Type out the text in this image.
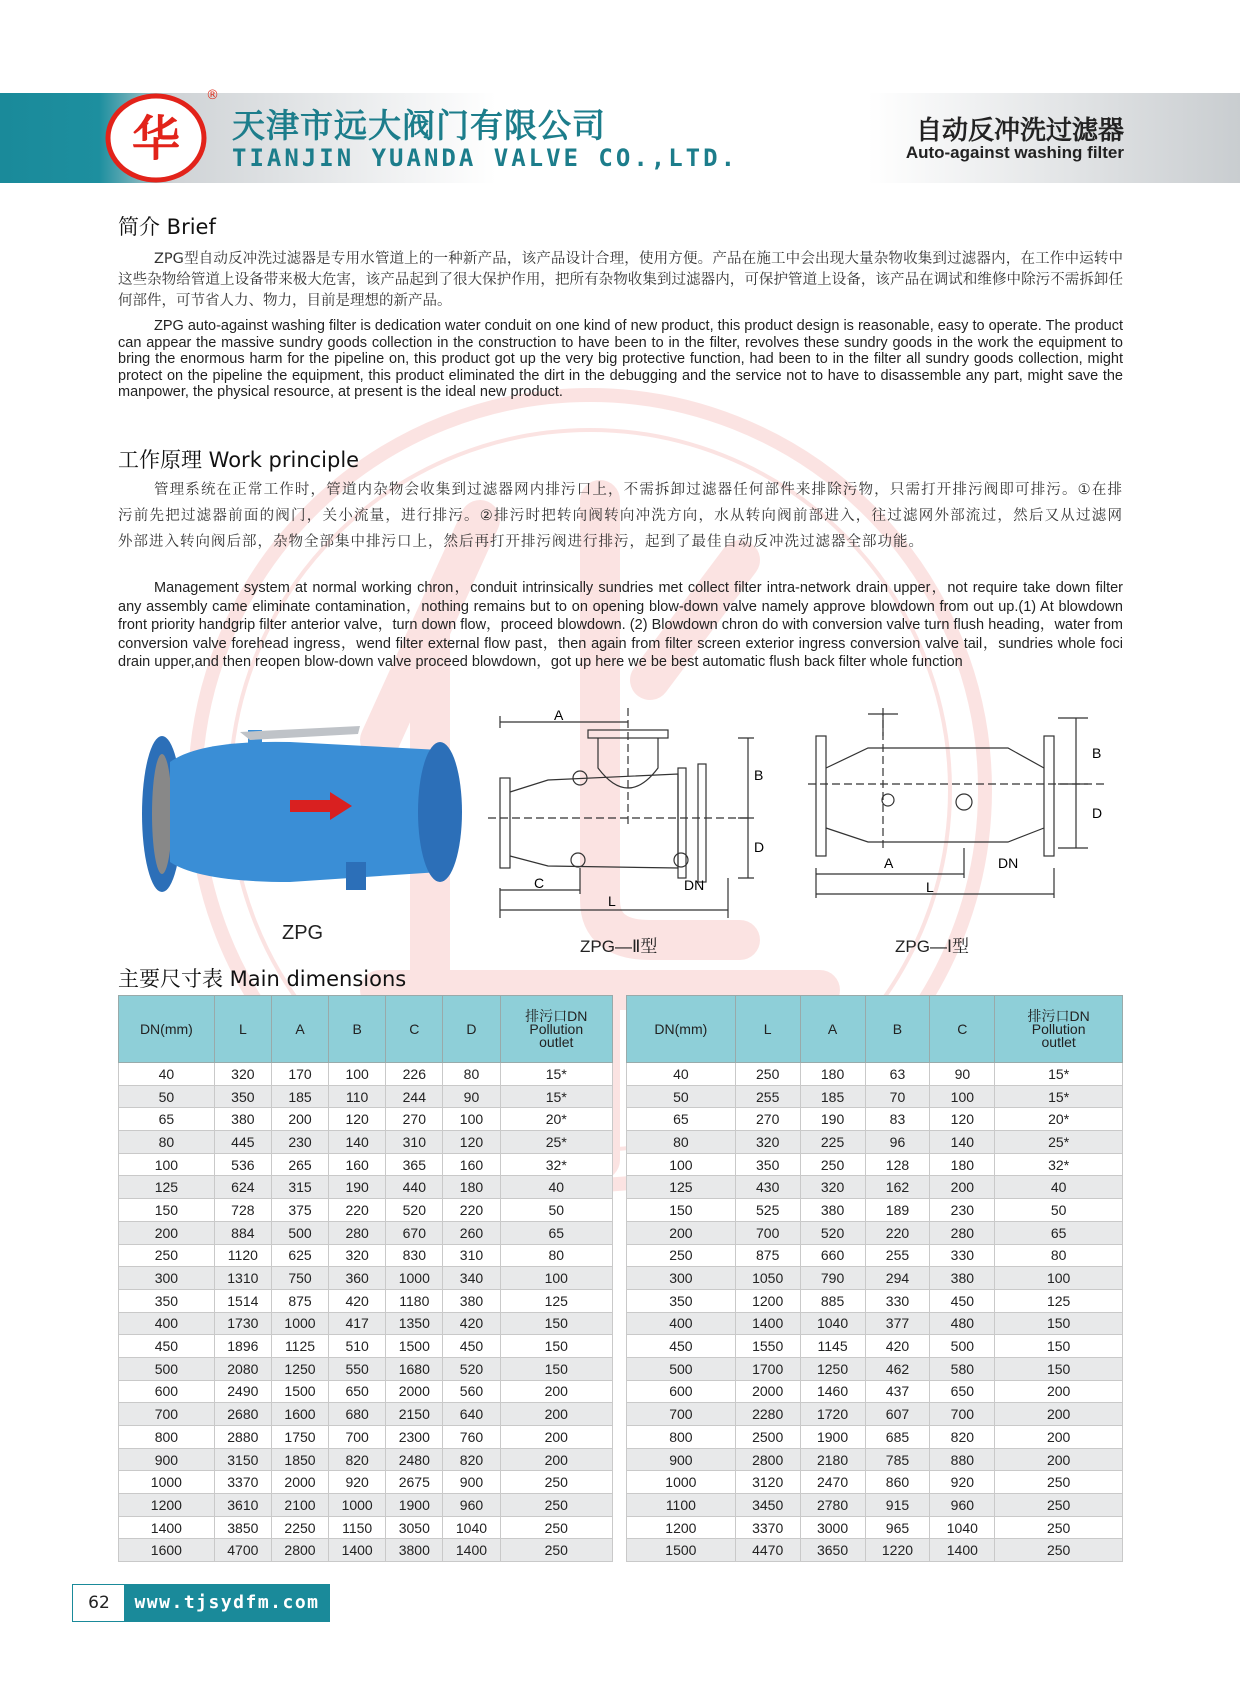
华
®
天津市远大阀门有限公司
TIANJIN YUANDA VALVE CO.,LTD.
自动反冲洗过滤器
Auto-against washing filter
简介 Brief
ZPG型自动反冲洗过滤器是专用水管道上的一种新产品，该产品设计合理，使用方便。产品在施工中会出现大量杂物收集到过滤器内，在工作中运转中这些杂物给管道上设备带来极大危害，该产品起到了很大保护作用，把所有杂物收集到过滤器内，可保护管道上设备，该产品在调试和维修中除污不需拆卸任何部件，可节省人力、物力，目前是理想的新产品。
ZPG auto-against washing filter is dedication water conduit on one kind of new product, this product design is reasonable, easy to operate. The product can appear the massive sundry goods collection in the construction to have been to in the filter, revolves these sundry goods in the work the equipment to bring the enormous harm for the pipeline on, this product got up the very big protective function, had been to in the filter all sundry goods collection, might protect on the pipeline the equipment, this product eliminated the dirt in the debugging and the service not to have to disassemble any part, might save the manpower, the physical resource, at present is the ideal new product.
工作原理 Work principle
管理系统在正常工作时，管道内杂物会收集到过滤器网内排污口上，不需拆卸过滤器任何部件来排除污物，只需打开排污阀即可排污。①在排污前先把过滤器前面的阀门，关小流量，进行排污。②排污时把转向阀转向冲洗方向，水从转向阀前部进入，往过滤网外部流过，然后又从过滤网外部进入转向阀后部，杂物全部集中排污口上，然后再打开排污阀进行排污，起到了最佳自动反冲洗过滤器全部功能。
Management system at normal working chron，conduit intrinsically sundries met collect filter intra-network drain upper，not require take down filter any assembly came eliminate contamination，nothing remains but to on opening blow-down valve namely approve blowdown from out up.(1) At blowdown front priority handgrip filter anterior valve，turn down flow，proceed blowdown. (2) Blowdown chron do with conversion valve turn flush heading，water from conversion valve forehead ingress，wend filter external flow past，then again from filter screen exterior ingress conversion valve tail，sundries whole foci drain upper,and then reopen blow-down valve proceed blowdown，got up here we be best automatic flush back filter whole function
ZPG
A
C
L
DN
B
D
ZPG—Ⅱ型
A
L
DN
B
D
ZPG—Ⅰ型
主要尺寸表 Main dimensions
DN(mm)	L	A	B	C	D	排污口DN
Pollution
outlet

40	320	170	100	226	80	15*
50	350	185	110	244	90	15*
65	380	200	120	270	100	20*
80	445	230	140	310	120	25*
100	536	265	160	365	160	32*
125	624	315	190	440	180	40
150	728	375	220	520	220	50
200	884	500	280	670	260	65
250	1120	625	320	830	310	80
300	1310	750	360	1000	340	100
350	1514	875	420	1180	380	125
400	1730	1000	417	1350	420	150
450	1896	1125	510	1500	450	150
500	2080	1250	550	1680	520	150
600	2490	1500	650	2000	560	200
700	2680	1600	680	2150	640	200
800	2880	1750	700	2300	760	200
900	3150	1850	820	2480	820	200
1000	3370	2000	920	2675	900	250
1200	3610	2100	1000	1900	960	250
1400	3850	2250	1150	3050	1040	250
1600	4700	2800	1400	3800	1400	250
DN(mm)	L	A	B	C	排污口DN
Pollution
outlet

40	250	180	63	90	15*
50	255	185	70	100	15*
65	270	190	83	120	20*
80	320	225	96	140	25*
100	350	250	128	180	32*
125	430	320	162	200	40
150	525	380	189	230	50
200	700	520	220	280	65
250	875	660	255	330	80
300	1050	790	294	380	100
350	1200	885	330	450	125
400	1400	1040	377	480	150
450	1550	1145	420	500	150
500	1700	1250	462	580	150
600	2000	1460	437	650	200
700	2280	1720	607	700	200
800	2500	1900	685	820	200
900	2800	2180	785	880	200
1000	3120	2470	860	920	250
1100	3450	2780	915	960	250
1200	3370	3000	965	1040	250
1500	4470	3650	1220	1400	250
62	www.tjsydfm.com
